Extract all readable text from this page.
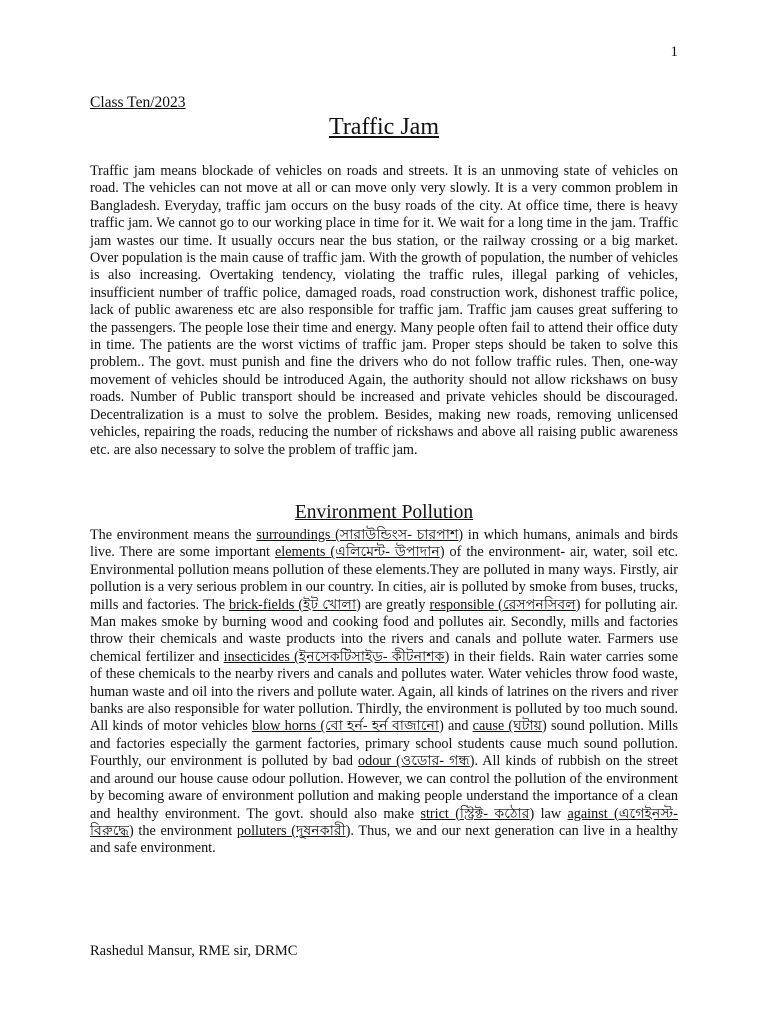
1
Class Ten/2023
Traffic Jam

Traffic jam means blockade of vehicles on roads and streets. It is an unmoving state of vehicles on road. The vehicles can not move at all or can move only very slowly. It is a very common problem in Bangladesh. Everyday, traffic jam occurs on the busy roads of the city. At office time, there is heavy traffic jam. We cannot go to our working place in time for it. We wait for a long time in the jam. Traffic jam wastes our time. It usually occurs near the bus station, or the railway crossing or a big market. Over population is the main cause of traffic jam. With the growth of population, the number of vehicles is also increasing. Overtaking tendency, violating the traffic rules, illegal parking of vehicles, insufficient number of traffic police, damaged roads, road construction work, dishonest traffic police, lack of public awareness etc are also responsible for traffic jam. Traffic jam causes great suffering to the passengers. The people lose their time and energy. Many people often fail to attend their office duty in time. The patients are the worst victims of traffic jam. Proper steps should be taken to solve this problem.. The govt. must punish and fine the drivers who do not follow traffic rules. Then, one-way movement of vehicles should be introduced Again, the authority should not allow rickshaws on busy roads. Number of Public transport should be increased and private vehicles should be discouraged. Decentralization is a must to solve the problem. Besides, making new roads, removing unlicensed vehicles, repairing the roads, reducing the number of rickshaws and above all raising public awareness etc. are also necessary to solve the problem of traffic jam.

Environment Pollution

The environment means the surroundings (সারাউন্ডিংস- চারপাশ) in which humans, animals and birds live. There are some important elements (এলিমেন্ট- উপাদান) of the environment- air, water, soil etc. Environmental pollution means pollution of these elements.They are polluted in many ways. Firstly, air pollution is a very serious problem in our country. In cities, air is polluted by smoke from buses, trucks, mills and factories. The brick-fields (ইট খোলা) are greatly responsible (রেসপনসিবল) for polluting air. Man makes smoke by burning wood and cooking food and pollutes air. Secondly, mills and factories throw their chemicals and waste products into the rivers and canals and pollute water. Farmers use chemical fertilizer and insecticides (ইনসেকটিসাইড- কীটনাশক) in their fields. Rain water carries some of these chemicals to the nearby rivers and canals and pollutes water. Water vehicles throw food waste, human waste and oil into the rivers and pollute water. Again, all kinds of latrines on the rivers and river banks are also responsible for water pollution. Thirdly, the environment is polluted by too much sound. All kinds of motor vehicles blow horns (বো হর্ন- হর্ন বাজানো) and cause (ঘটায়) sound pollution. Mills and factories especially the garment factories, primary school students cause much sound pollution. Fourthly, our environment is polluted by bad odour (ওডোর- গন্ধ). All kinds of rubbish on the street and around our house cause odour pollution. However, we can control the pollution of the environment by becoming aware of environment pollution and making people understand the importance of a clean and healthy environment. The govt. should also make strict (স্ট্রিক্ট- কঠোর) law against (এগেইনস্ট- বিরুদ্ধে) the environment polluters (দূষনকারী). Thus, we and our next generation can live in a healthy and safe environment.

Rashedul Mansur, RME sir, DRMC
